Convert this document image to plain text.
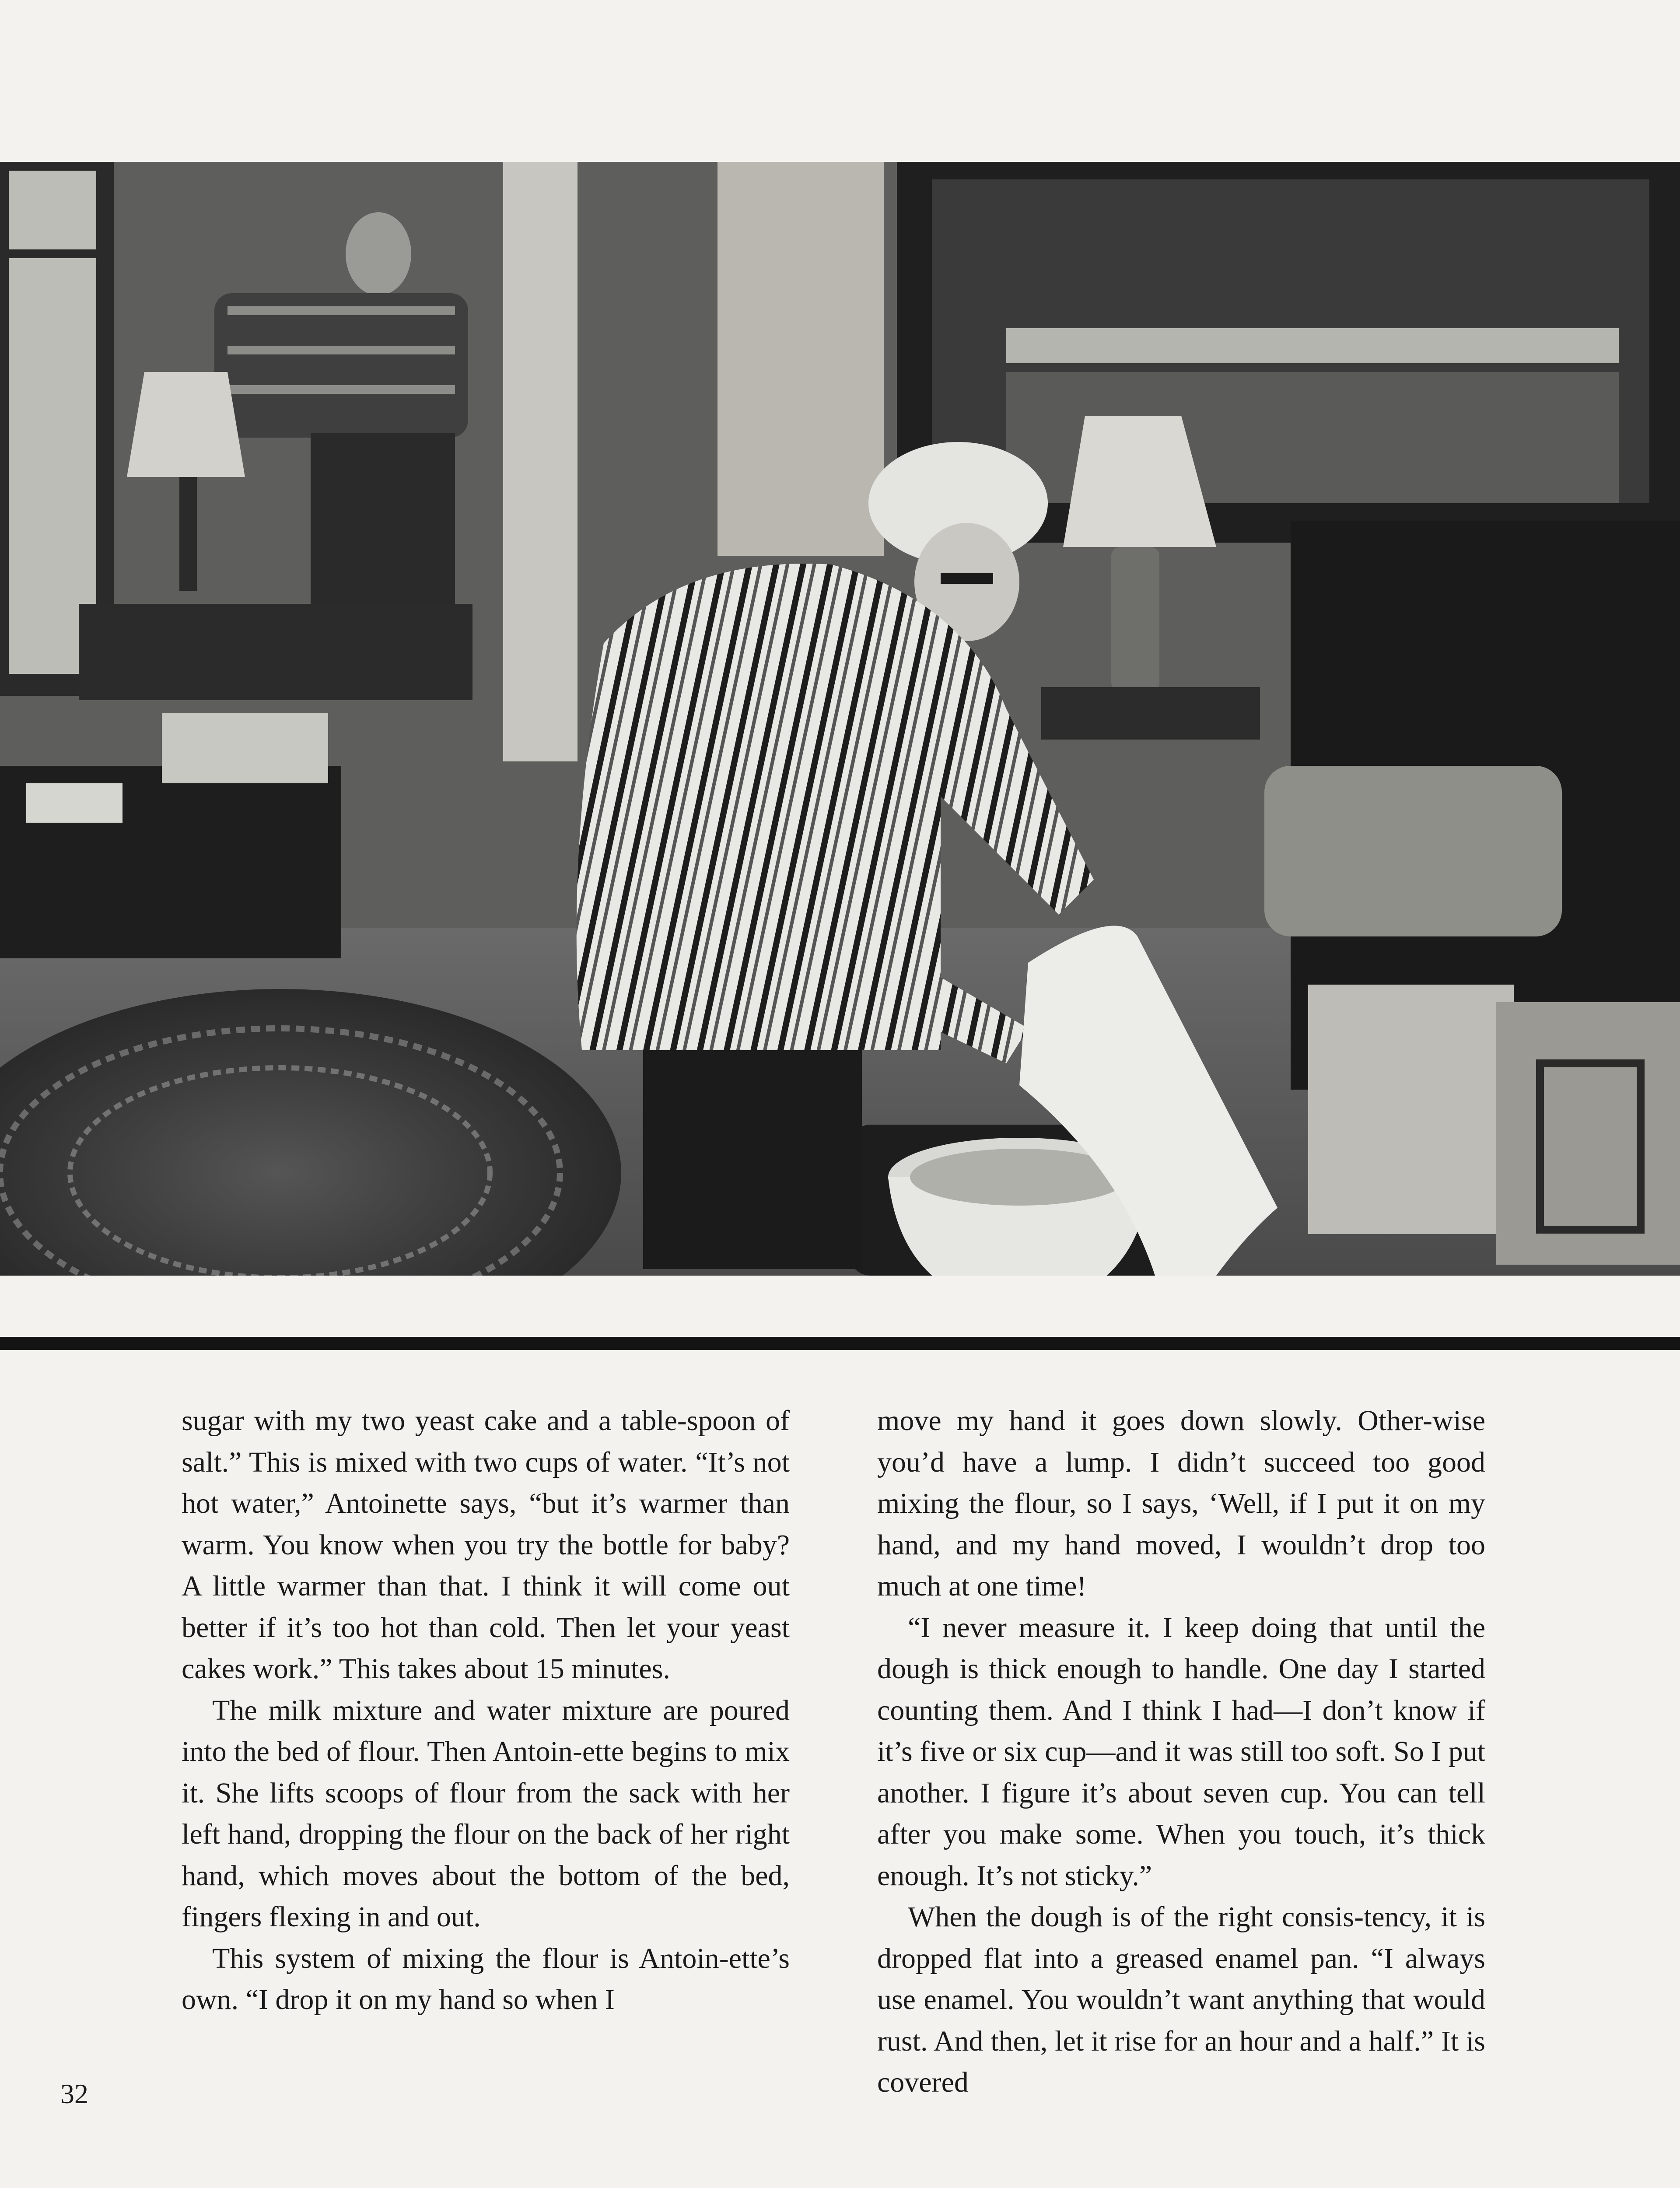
sugar with my two yeast cake and a table-spoon of salt.” This is mixed with two cups of water. “It’s not hot water,” Antoinette says, “but it’s warmer than warm. You know when you try the bottle for baby? A little warmer than that. I think it will come out better if it’s too hot than cold. Then let your yeast cakes work.” This takes about 15 minutes.

The milk mixture and water mixture are poured into the bed of flour. Then Antoin-ette begins to mix it. She lifts scoops of flour from the sack with her left hand, dropping the flour on the back of her right hand, which moves about the bottom of the bed, fingers flexing in and out.

This system of mixing the flour is Antoin-ette’s own. “I drop it on my hand so when I

move my hand it goes down slowly. Other-wise you’d have a lump. I didn’t succeed too good mixing the flour, so I says, ‘Well, if I put it on my hand, and my hand moved, I wouldn’t drop too much at one time!

“I never measure it. I keep doing that until the dough is thick enough to handle. One day I started counting them. And I think I had—I don’t know if it’s five or six cup—and it was still too soft. So I put another. I figure it’s about seven cup. You can tell after you make some. When you touch, it’s thick enough. It’s not sticky.”

When the dough is of the right consis-tency, it is dropped flat into a greased enamel pan. “I always use enamel. You wouldn’t want anything that would rust. And then, let it rise for an hour and a half.” It is covered

32
